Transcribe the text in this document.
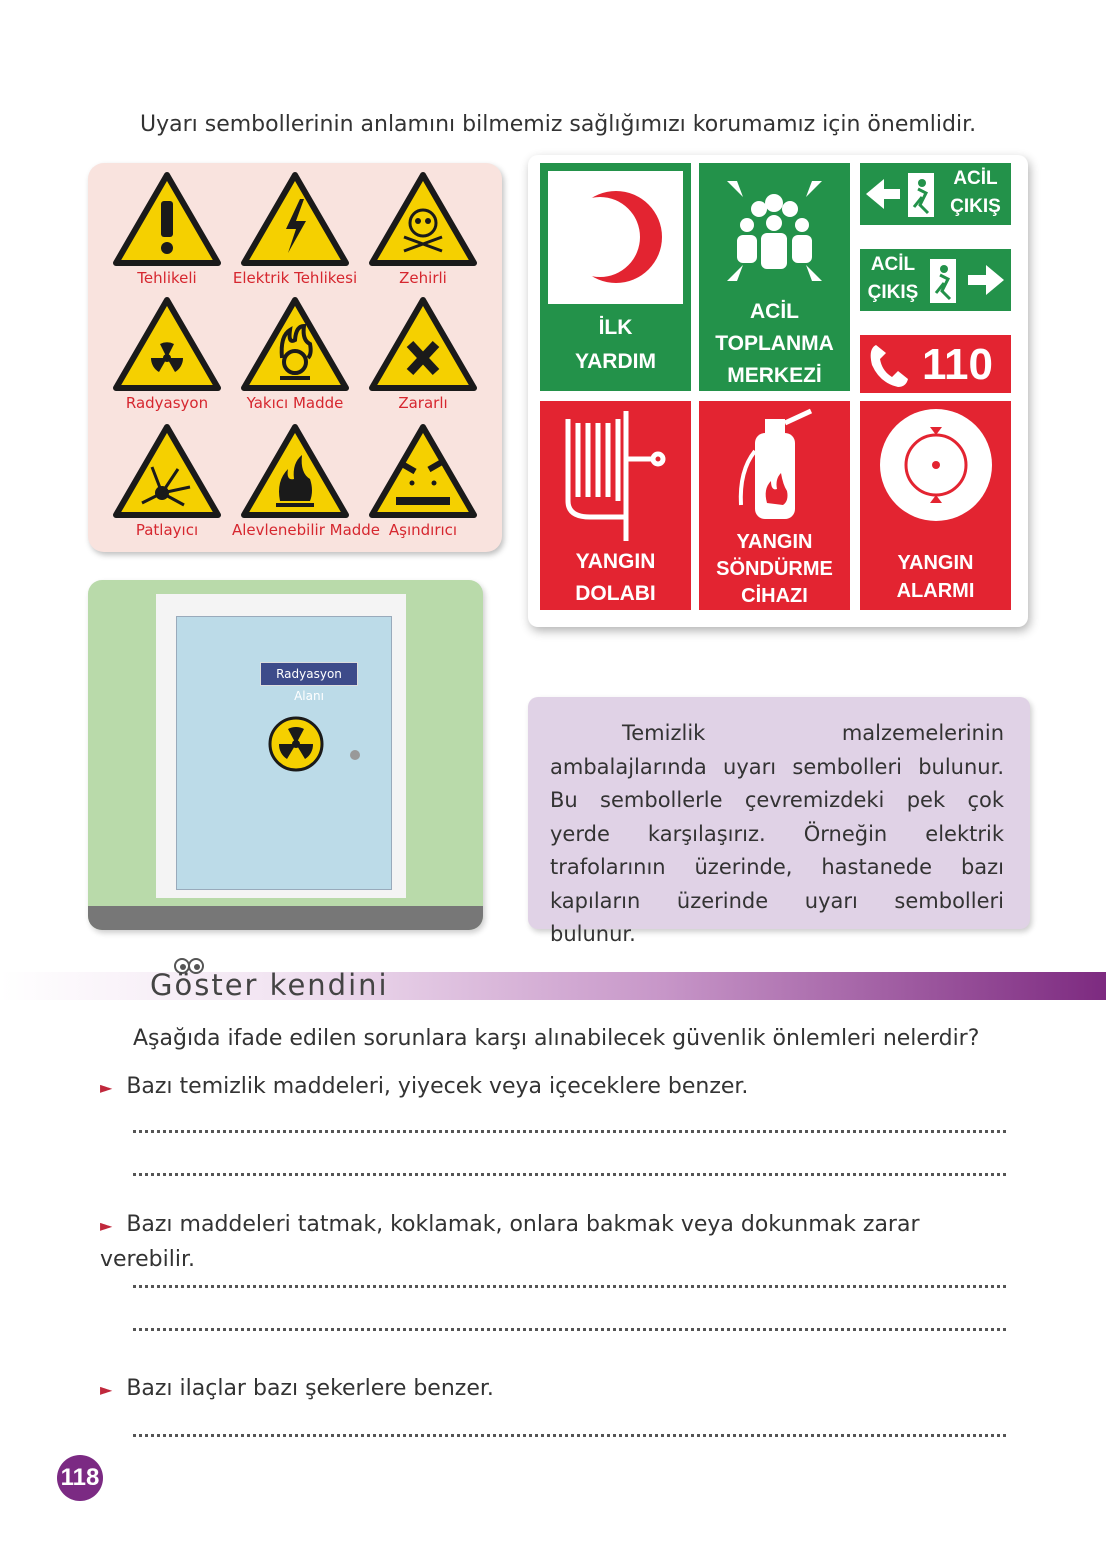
Uyarı sembollerinin anlamını bilmemiz sağlığımızı korumamız için önemlidir.
Tehlikeli	Elektrik Tehlikesi	Zehirli
Radyasyon	Yakıcı Madde	Zararlı
Patlayıcı	Alevlenebilir Madde Aşındırıcı
İLK
YARDIM
ACİL
TOPLANMA
MERKEZİ
ACİL
ÇIKIŞ
ACİL
ÇIKIŞ
110
YANGIN
DOLABI
YANGIN
SÖNDÜRME
CİHAZI
YANGIN
ALARMI
Radyasyon Alanı

Temizlik malzemelerinin ambalajlarında uyarı sembolleri bulunur. Bu sembollerle çevremizdeki pek çok yerde karşılaşırız. Örneğin elektrik trafolarının üzerinde, hastanede bazı kapıların üzerinde uyarı sembolleri bulunur.

Göster kendini
Aşağıda ifade edilen sorunlara karşı alınabilecek güvenlik önlemleri nelerdir?
► Bazı temizlik maddeleri, yiyecek veya içeceklere benzer.
► Bazı maddeleri tatmak, koklamak, onlara bakmak veya dokunmak zarar verebilir.
► Bazı ilaçlar bazı şekerlere benzer.
118
